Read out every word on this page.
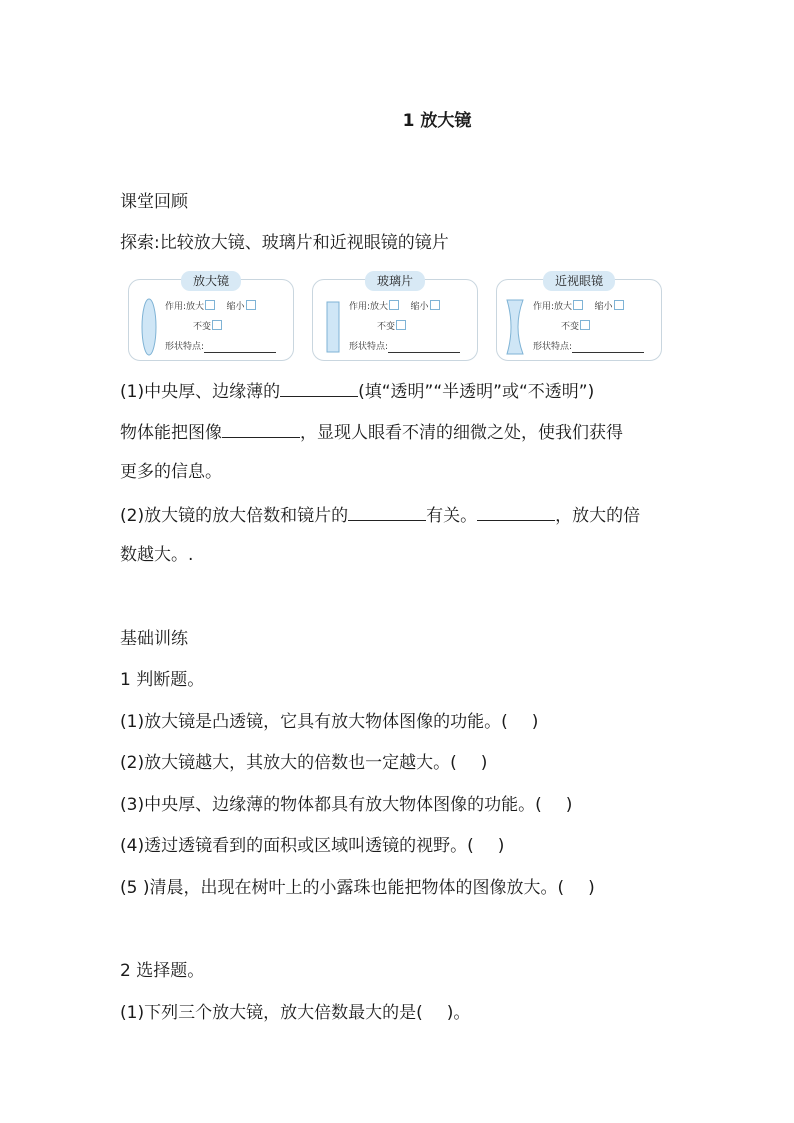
1 放大镜
课堂回顾
探索:比较放大镜、玻璃片和近视眼镜的镜片
放大镜
作用:放大 缩小
不变
形状特点:
玻璃片
作用:放大 缩小
不变
形状特点:
近视眼镜
作用:放大 缩小
不变
形状特点:
(1)中央厚、边缘薄的	(填“透明”“半透明”或“不透明”)
物体能把图像	，显现人眼看不清的细微之处，使我们获得
更多的信息。
(2)放大镜的放大倍数和镜片的	有关。	，放大的倍
数越大。.
基础训练
1 判断题。
(1)放大镜是凸透镜，它具有放大物体图像的功能。( )
(2)放大镜越大，其放大的倍数也一定越大。( )
(3)中央厚、边缘薄的物体都具有放大物体图像的功能。( )
(4)透过透镜看到的面积或区域叫透镜的视野。( )
(5 )清晨，出现在树叶上的小露珠也能把物体的图像放大。( )
2 选择题。
(1)下列三个放大镜，放大倍数最大的是( )。
